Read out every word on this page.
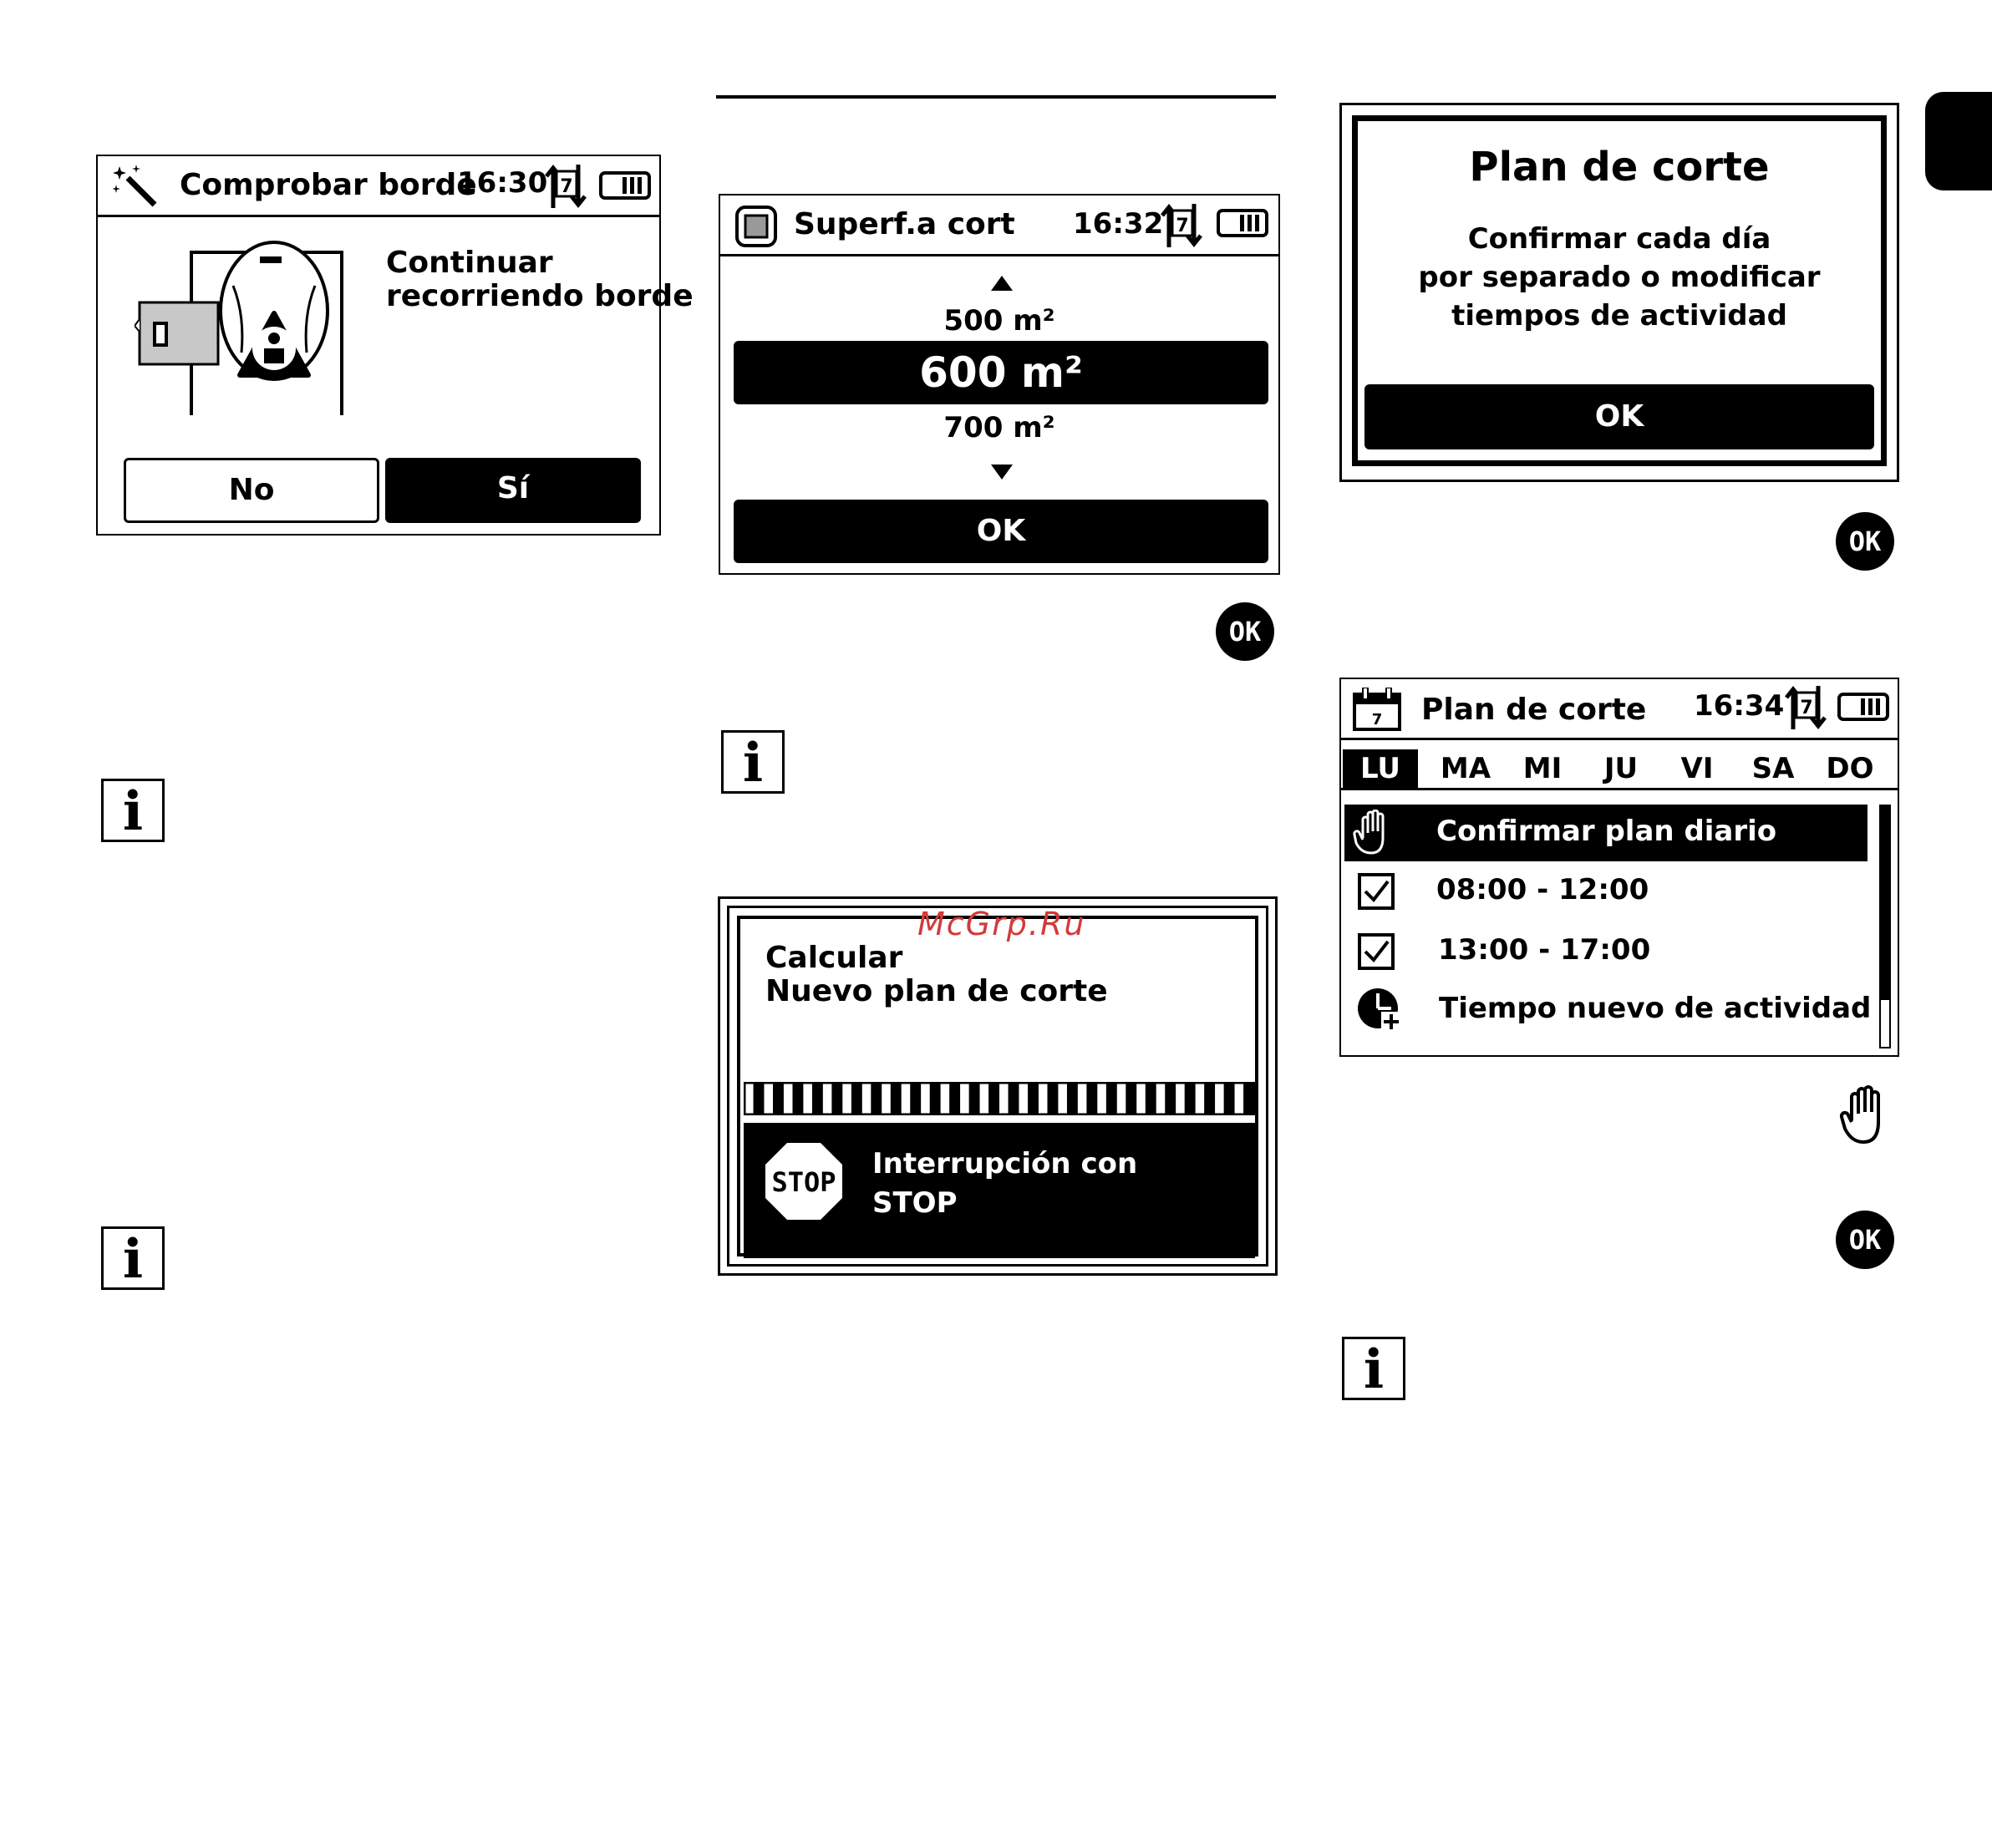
Comprobar borde
16:30 7
Continuar
recorriendo borde
No	Sí
Superf.a cort 16:32 7
500 m²
600 m²
700 m²
OK
Calcular
Nuevo plan de corte
STOP
Interrupción con
STOP
McGrp.Ru
Plan de corte
Confirmar cada día
por separado o modificar
tiempos de actividad
OK
7 Plan de corte 16:34 7
LU	MA	MI	JU	VI	SA	DO
Confirmar plan diario
08:00 - 12:00
13:00 - 17:00
Tiempo nuevo de actividad
OK
OK
OK
i
i
i
i
